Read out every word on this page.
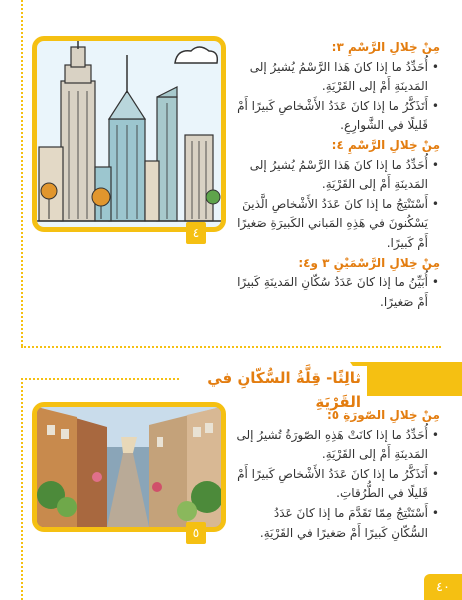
٤

مِنْ خِلالِ الرَّسْمِ ٣:

• أُحَدِّدُ ما إذا كانَ هَذا الرَّسْمُ يُشيرُ إلى المَدينَةِ أَمْ إلى القَرْيَةِ.
• أَتَذَكَّرُ ما إذا كانَ عَدَدُ الأَشْخاصِ كَبيرًا أَمْ قَليلًا في الشَّوارِعِ.

مِنْ خِلالِ الرَّسْمِ ٤:

• أُحَدِّدُ ما إذا كانَ هَذا الرَّسْمُ يُشيرُ إلى المَدينَةِ أَمْ إلى القَرْيَةِ.
• أَسْتَنْتِجُ ما إذا كانَ عَدَدُ الأَشْخاصِ الَّذينَ يَسْكُنونَ في هَذِهِ المَباني الكَبيرَةِ صَغيرًا أَمْ كَبيرًا.

مِنْ خِلالِ الرَّسْمَيْنِ ٣ و٤:

• أُبَيِّنُ ما إذا كانَ عَدَدُ سُكّانِ المَدينَةِ كَبيرًا أَمْ صَغيرًا.
ثالِثًا- قِلَّةُ السُّكّانِ في القَرْيَةِ
٥

مِنْ خِلالِ الصّورَةِ ٥:

• أُحَدِّدُ ما إذا كانَتْ هَذِهِ الصّورَةُ تُشيرُ إلى المَدينَةِ أَمْ إلى القَرْيَةِ.
• أَتَذَكَّرُ ما إذا كانَ عَدَدُ الأَشْخاصِ كَبيرًا أَمْ قَليلًا في الطُّرُقاتِ.
• أَسْتَنْتِجُ مِمّا تَقَدَّمَ ما إذا كانَ عَدَدُ السُّكّانِ كَبيرًا أَمْ صَغيرًا في القَرْيَةِ.
٤٠
